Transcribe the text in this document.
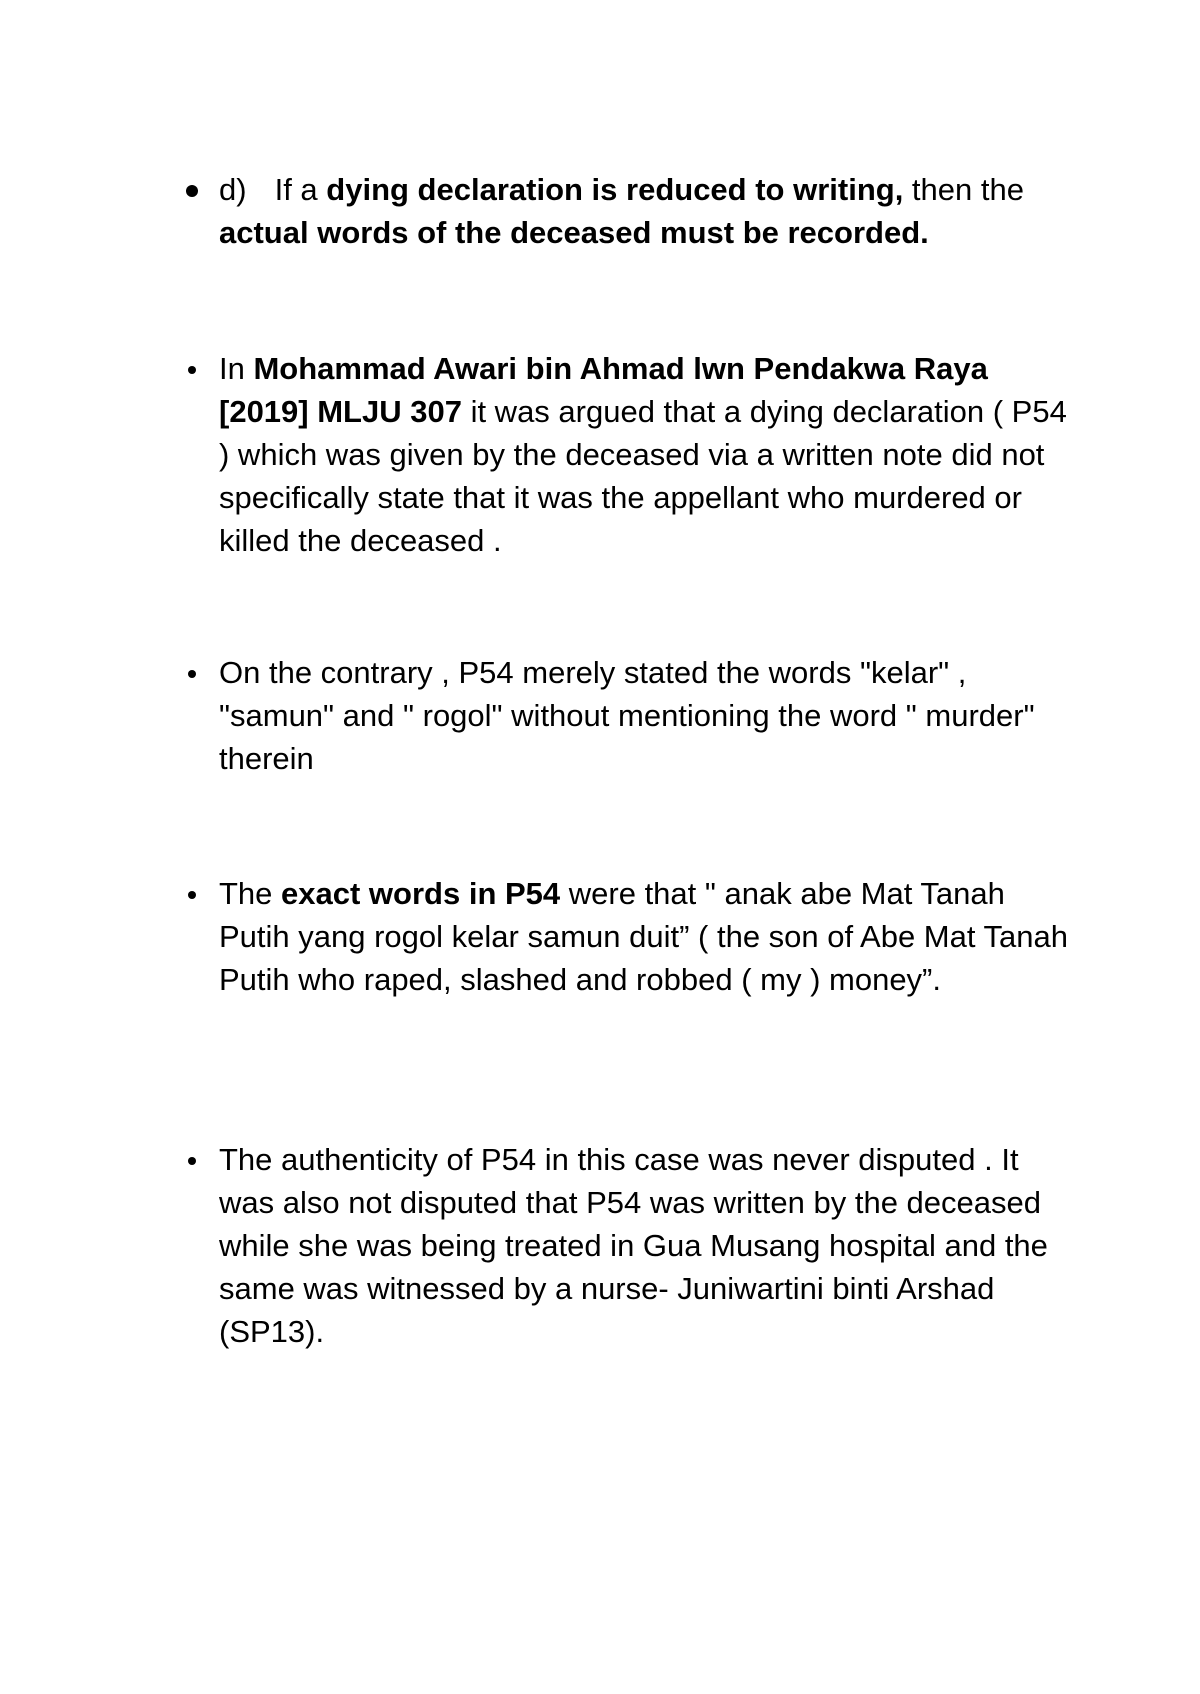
d) If a dying declaration is reduced to writing, then the actual words of the deceased must be recorded.
In Mohammad Awari bin Ahmad lwn Pendakwa Raya [2019] MLJU 307 it was argued that a dying declaration ( P54 ) which was given by the deceased via a written note did not specifically state that it was the appellant who murdered or killed the deceased .
On the contrary , P54 merely stated the words "kelar" , "samun" and " rogol" without mentioning the word " murder" therein
The exact words in P54 were that " anak abe Mat Tanah Putih yang rogol kelar samun duit” ( the son of Abe Mat Tanah Putih who raped, slashed and robbed ( my ) money”.
The authenticity of P54 in this case was never disputed . It was also not disputed that P54 was written by the deceased while she was being treated in Gua Musang hospital and the same was witnessed by a nurse- Juniwartini binti Arshad (SP13).
